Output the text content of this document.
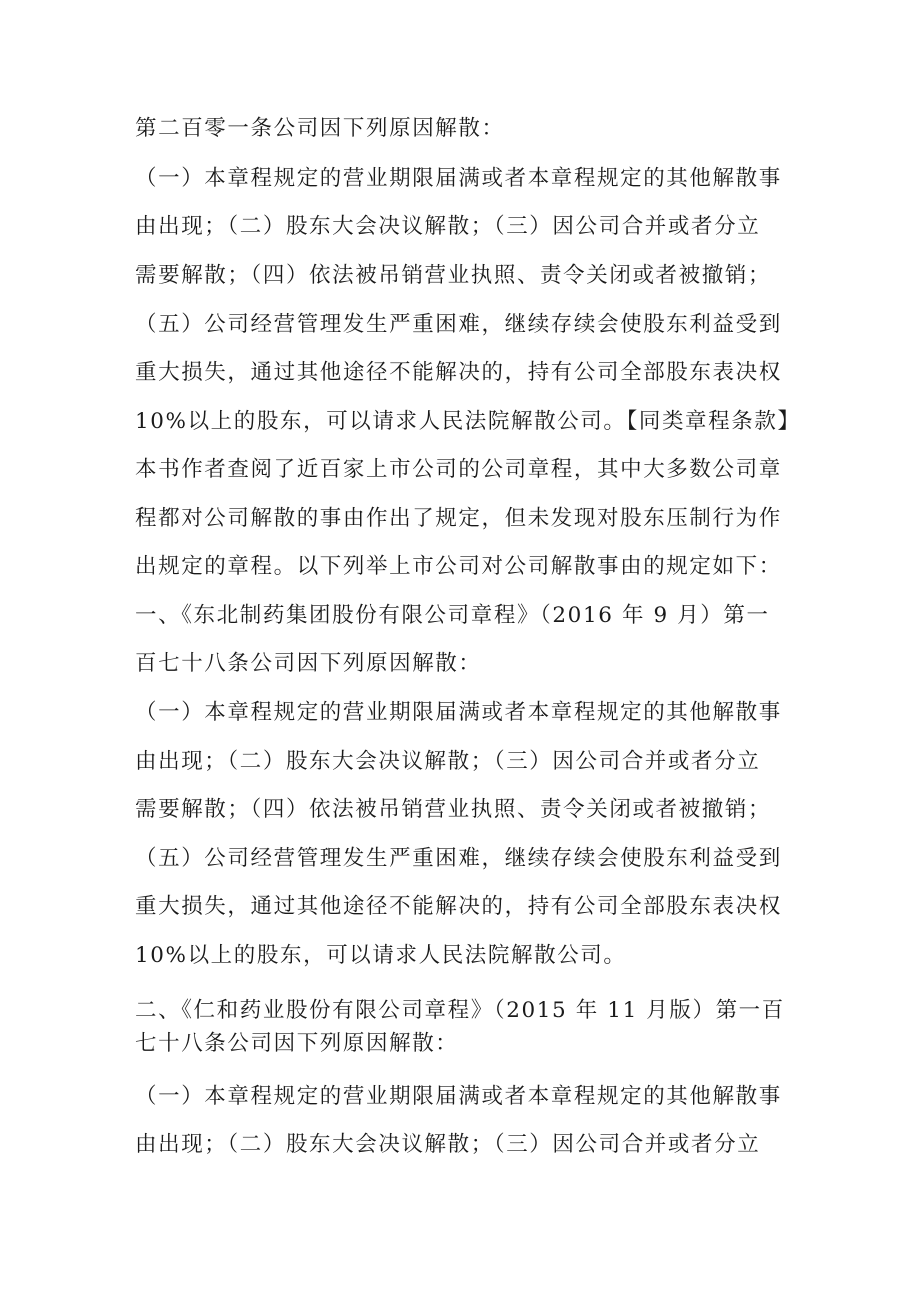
第二百零一条公司因下列原因解散：
（一）本章程规定的营业期限届满或者本章程规定的其他解散事
由出现；（二）股东大会决议解散；（三）因公司合并或者分立
需要解散；（四）依法被吊销营业执照、责令关闭或者被撤销；
（五）公司经营管理发生严重困难，继续存续会使股东利益受到
重大损失，通过其他途径不能解决的，持有公司全部股东表决权
10%以上的股东，可以请求人民法院解散公司。【同类章程条款】
本书作者查阅了近百家上市公司的公司章程，其中大多数公司章
程都对公司解散的事由作出了规定，但未发现对股东压制行为作
出规定的章程。以下列举上市公司对公司解散事由的规定如下：
一、《东北制药集团股份有限公司章程》（2016 年 9 月）第一
百七十八条公司因下列原因解散：
（一）本章程规定的营业期限届满或者本章程规定的其他解散事
由出现；（二）股东大会决议解散；（三）因公司合并或者分立
需要解散；（四）依法被吊销营业执照、责令关闭或者被撤销；
（五）公司经营管理发生严重困难，继续存续会使股东利益受到
重大损失，通过其他途径不能解决的，持有公司全部股东表决权
10%以上的股东，可以请求人民法院解散公司。
二、《仁和药业股份有限公司章程》（2015 年 11 月版）第一百
七十八条公司因下列原因解散：
（一）本章程规定的营业期限届满或者本章程规定的其他解散事
由出现；（二）股东大会决议解散；（三）因公司合并或者分立
